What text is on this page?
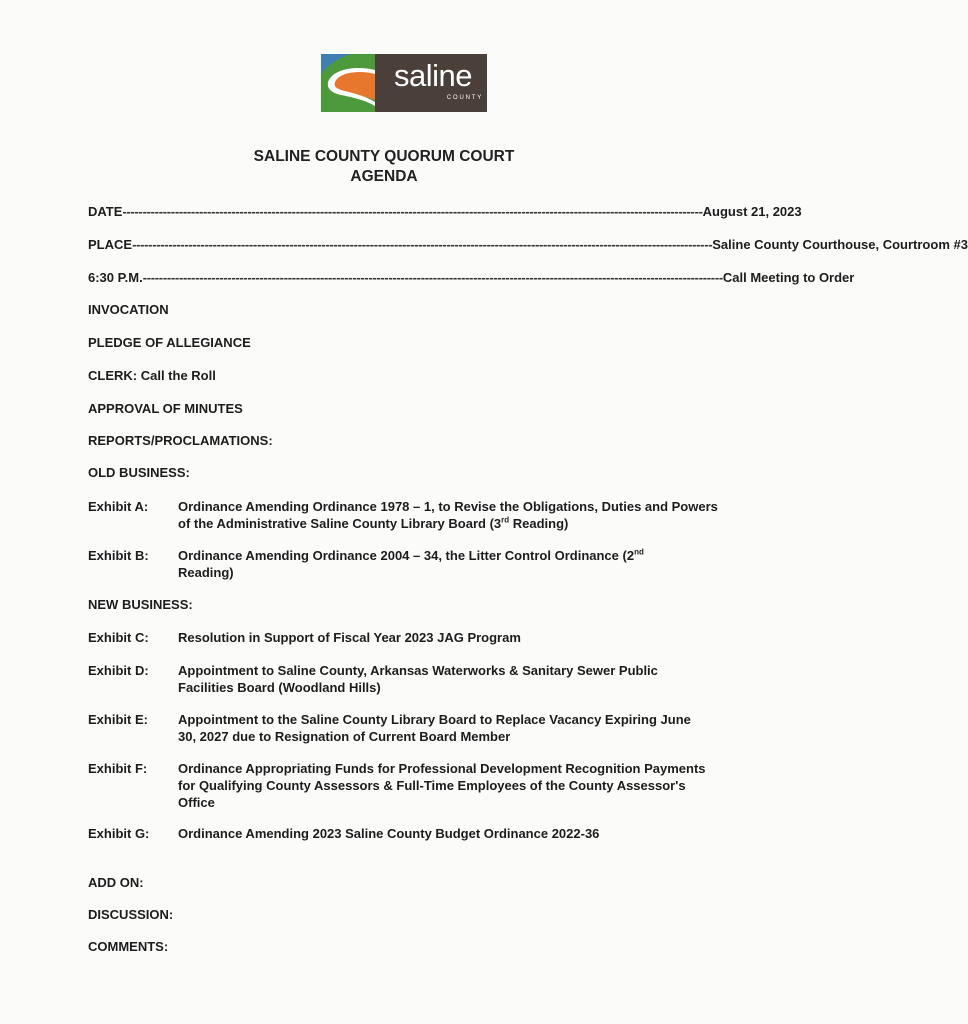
saline
COUNTY
SALINE COUNTY QUORUM COURT
AGENDA
DATE ------------------------------------------------------------------------------------------------------------------------------------------------ August 21, 2023
PLACE ------------------------------------------------------------------------------------------------------------------------------------------------ Saline County Courthouse, Courtroom #3
6:30 P.M. ------------------------------------------------------------------------------------------------------------------------------------------------ Call Meeting to Order
INVOCATION
PLEDGE OF ALLEGIANCE
CLERK: Call the Roll
APPROVAL OF MINUTES
REPORTS/PROCLAMATIONS:
OLD BUSINESS:
Exhibit A: Ordinance Amending Ordinance 1978 – 1, to Revise the Obligations, Duties and Powers of the Administrative Saline County Library Board (3rd Reading)
Exhibit B: Ordinance Amending Ordinance 2004 – 34, the Litter Control Ordinance (2nd Reading)
NEW BUSINESS:
Exhibit C: Resolution in Support of Fiscal Year 2023 JAG Program
Exhibit D: Appointment to Saline County, Arkansas Waterworks & Sanitary Sewer Public Facilities Board (Woodland Hills)
Exhibit E: Appointment to the Saline County Library Board to Replace Vacancy Expiring June 30, 2027 due to Resignation of Current Board Member
Exhibit F: Ordinance Appropriating Funds for Professional Development Recognition Payments for Qualifying County Assessors & Full-Time Employees of the County Assessor's Office
Exhibit G: Ordinance Amending 2023 Saline County Budget Ordinance 2022-36
ADD ON:
DISCUSSION:
COMMENTS:
